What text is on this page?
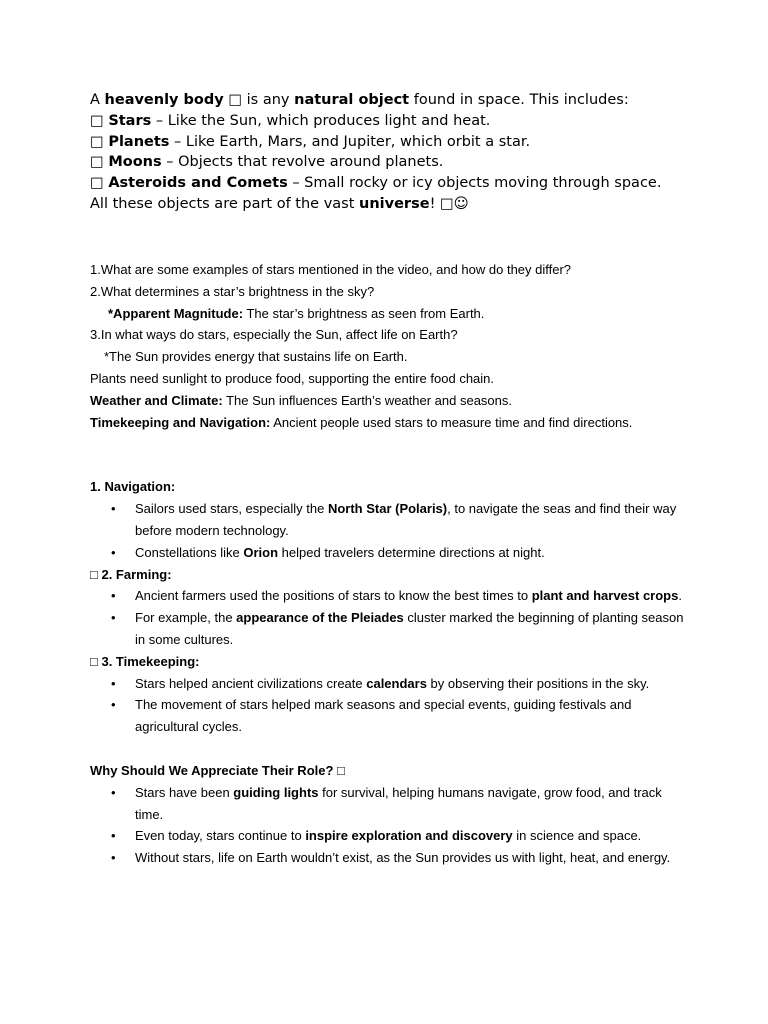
A heavenly body □ is any natural object found in space. This includes:

□ Stars – Like the Sun, which produces light and heat.

□ Planets – Like Earth, Mars, and Jupiter, which orbit a star.

□ Moons – Objects that revolve around planets.

□ Asteroids and Comets – Small rocky or icy objects moving through space.

All these objects are part of the vast universe! □☺

1.What are some examples of stars mentioned in the video, and how do they differ?

2.What determines a star’s brightness in the sky?

*Apparent Magnitude: The star’s brightness as seen from Earth.

3.In what ways do stars, especially the Sun, affect life on Earth?

*The Sun provides energy that sustains life on Earth.

Plants need sunlight to produce food, supporting the entire food chain.

Weather and Climate: The Sun influences Earth’s weather and seasons.

Timekeeping and Navigation: Ancient people used stars to measure time and find directions.

1. Navigation:

• Sailors used stars, especially the North Star (Polaris), to navigate the seas and find their way before modern technology.
• Constellations like Orion helped travelers determine directions at night.

□ 2. Farming:

• Ancient farmers used the positions of stars to know the best times to plant and harvest crops.
• For example, the appearance of the Pleiades cluster marked the beginning of planting season in some cultures.

□ 3. Timekeeping:

• Stars helped ancient civilizations create calendars by observing their positions in the sky.
• The movement of stars helped mark seasons and special events, guiding festivals and agricultural cycles.

Why Should We Appreciate Their Role? □

• Stars have been guiding lights for survival, helping humans navigate, grow food, and track time.
• Even today, stars continue to inspire exploration and discovery in science and space.
• Without stars, life on Earth wouldn’t exist, as the Sun provides us with light, heat, and energy.
